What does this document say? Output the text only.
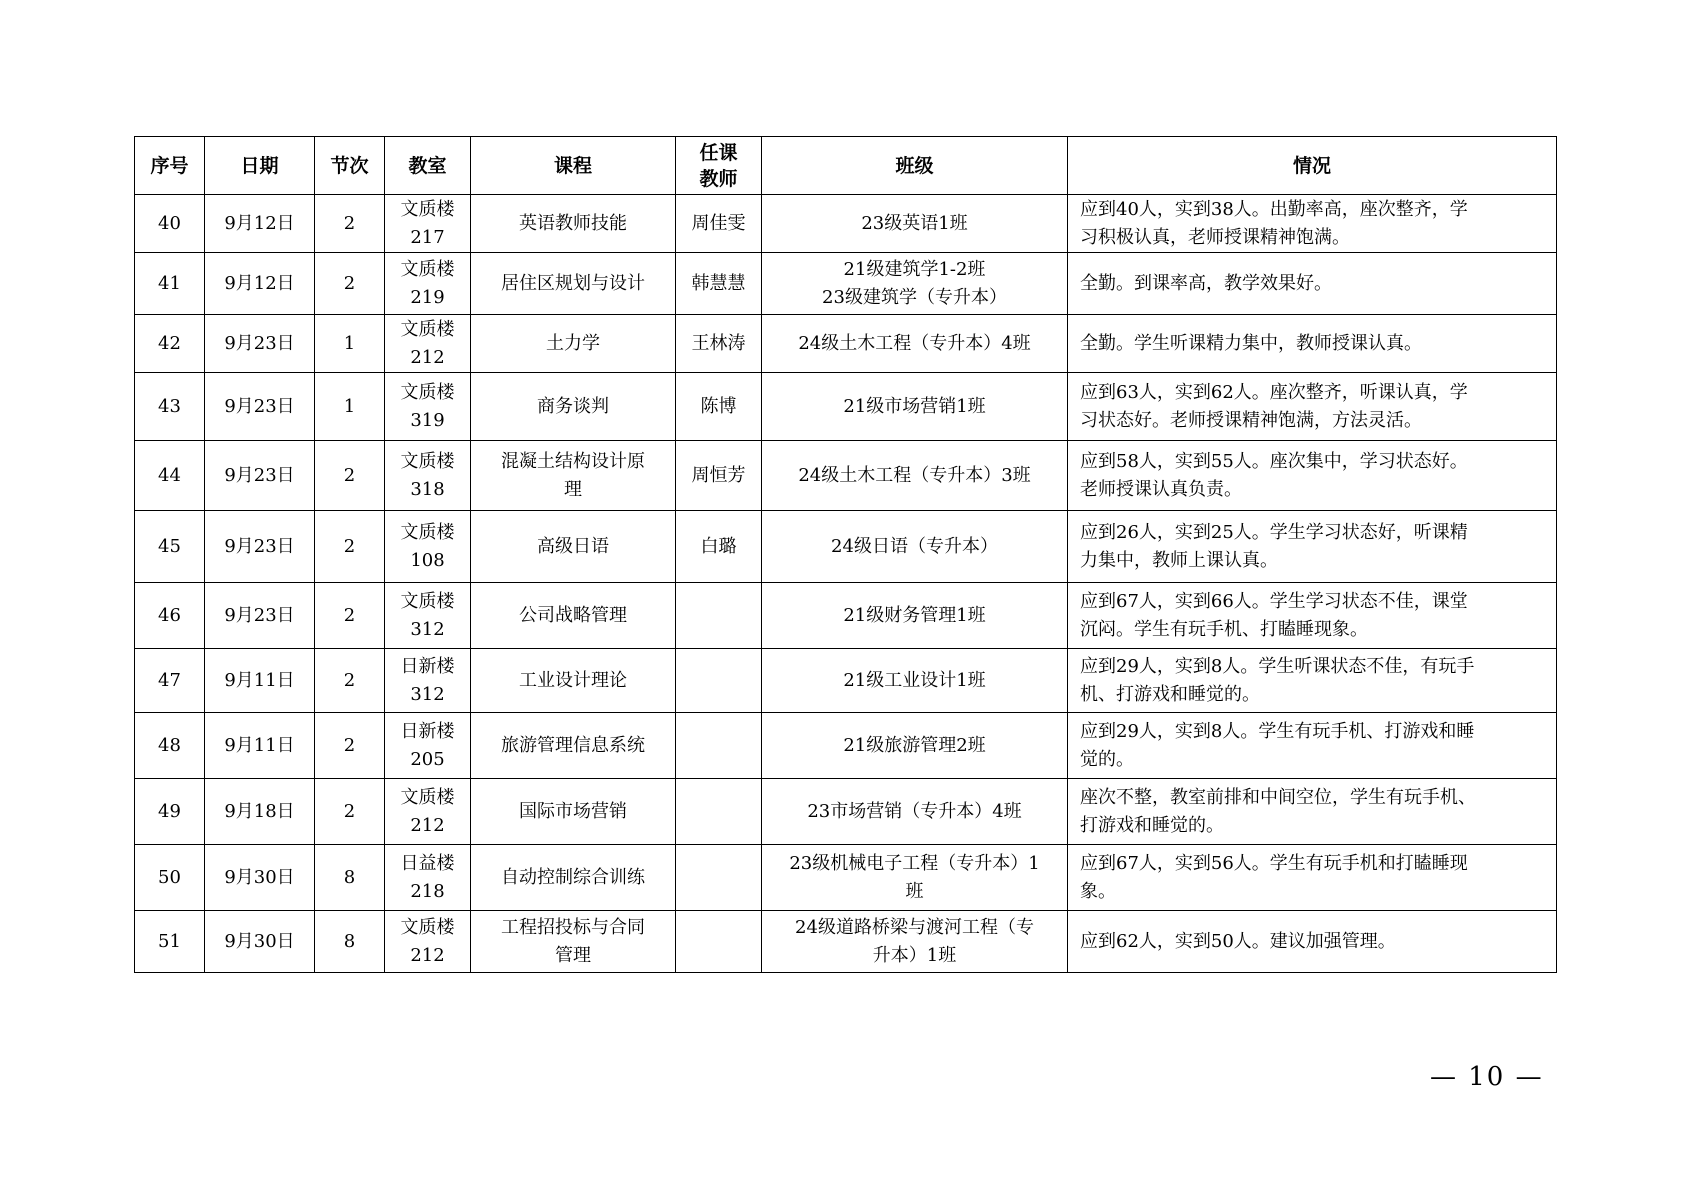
序号	日期	节次	教室	课程	任课
教师	班级	情况
40	9月12日	2	文质楼
217	英语教师技能	周佳雯	23级英语1班	应到40人，实到38人。出勤率高，座次整齐，学
习积极认真，老师授课精神饱满。
41	9月12日	2	文质楼
219	居住区规划与设计	韩慧慧	21级建筑学1-2班
23级建筑学（专升本）	全勤。到课率高，教学效果好。
42	9月23日	1	文质楼
212	土力学	王林涛	24级土木工程（专升本）4班	全勤。学生听课精力集中，教师授课认真。
43	9月23日	1	文质楼
319	商务谈判	陈博	21级市场营销1班	应到63人，实到62人。座次整齐，听课认真，学
习状态好。老师授课精神饱满，方法灵活。
44	9月23日	2	文质楼
318	混凝土结构设计原
理	周恒芳	24级土木工程（专升本）3班	应到58人，实到55人。座次集中，学习状态好。
老师授课认真负责。
45	9月23日	2	文质楼
108	高级日语	白璐	24级日语（专升本）	应到26人，实到25人。学生学习状态好，听课精
力集中，教师上课认真。
46	9月23日	2	文质楼
312	公司战略管理		21级财务管理1班	应到67人，实到66人。学生学习状态不佳，课堂
沉闷。学生有玩手机、打瞌睡现象。
47	9月11日	2	日新楼
312	工业设计理论		21级工业设计1班	应到29人，实到8人。学生听课状态不佳，有玩手
机、打游戏和睡觉的。
48	9月11日	2	日新楼
205	旅游管理信息系统		21级旅游管理2班	应到29人，实到8人。学生有玩手机、打游戏和睡
觉的。
49	9月18日	2	文质楼
212	国际市场营销		23市场营销（专升本）4班	座次不整，教室前排和中间空位，学生有玩手机、
打游戏和睡觉的。
50	9月30日	8	日益楼
218	自动控制综合训练		23级机械电子工程（专升本）1
班	应到67人，实到56人。学生有玩手机和打瞌睡现
象。
51	9月30日	8	文质楼
212	工程招投标与合同
管理		24级道路桥梁与渡河工程（专
升本）1班	应到62人，实到50人。建议加强管理。
— 10 —
